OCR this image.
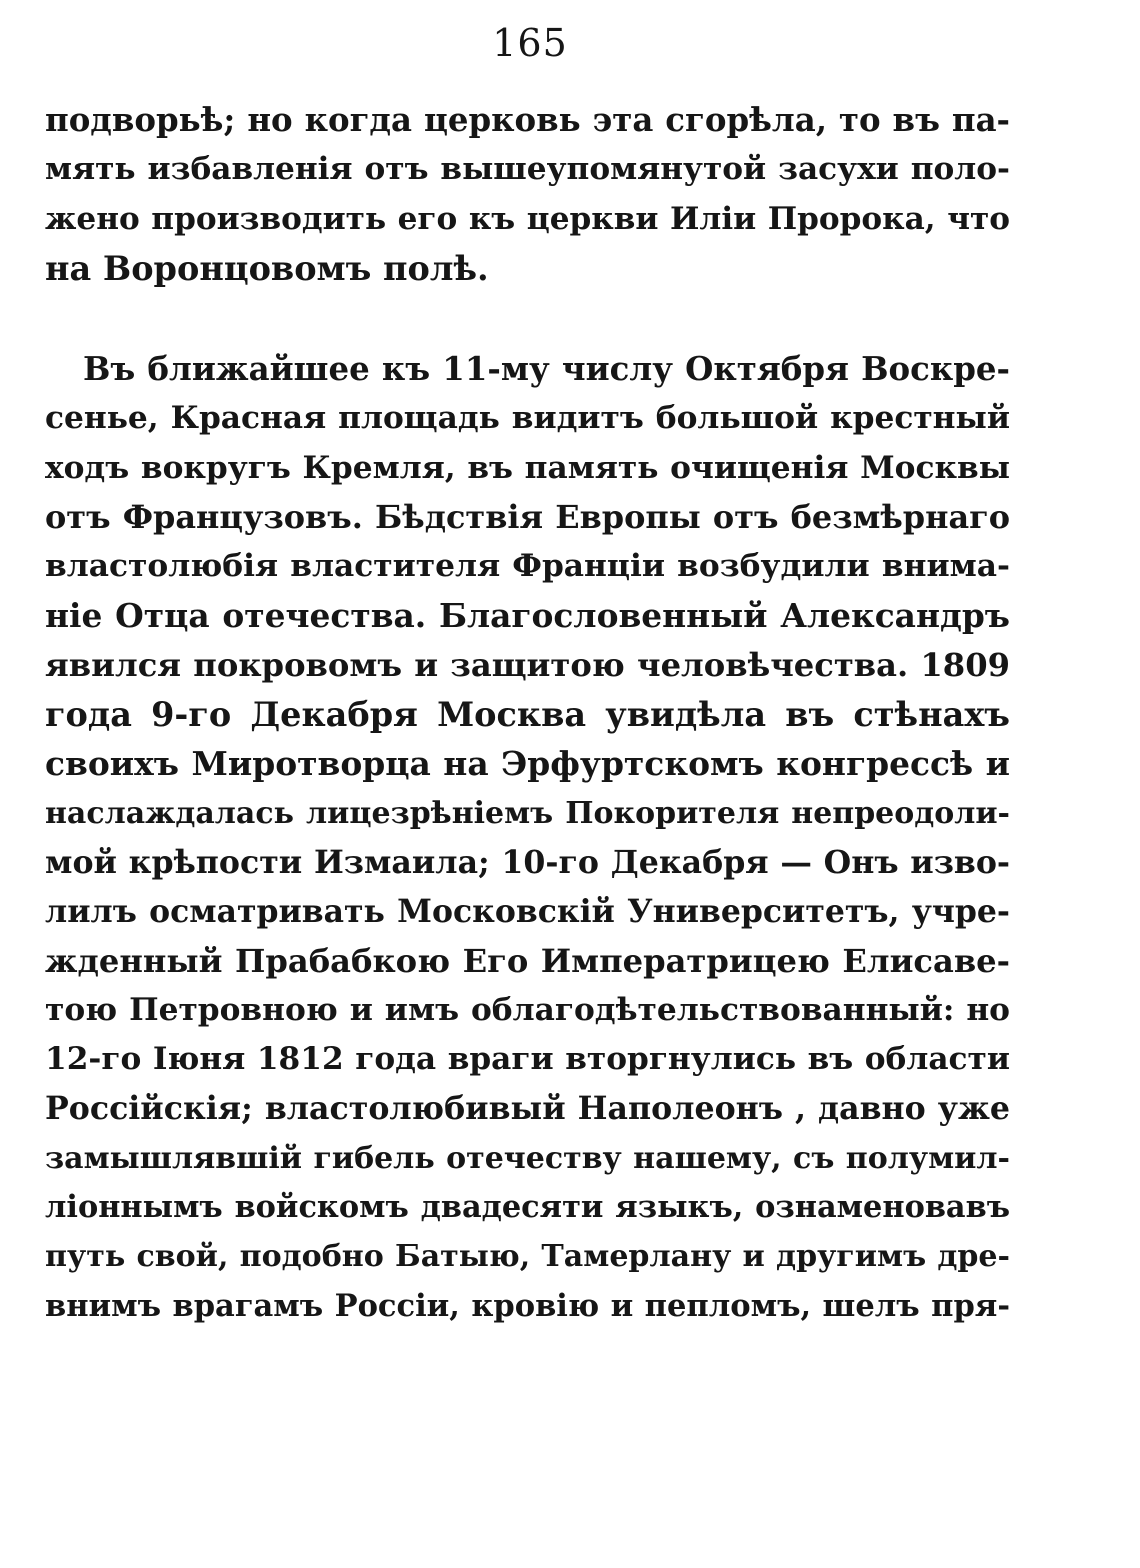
165
подворьѣ; но когда церковь эта сгорѣла, то въ па-
мять избавленія отъ вышеупомянутой засухи поло-
жено производить его къ церкви Иліи Пророка, что
на Воронцовомъ полѣ.
Въ ближайшее къ 11-му числу Октября Воскре-
сенье, Красная площадь видитъ большой крестный
ходъ вокругъ Кремля, въ память очищенія Москвы
отъ Французовъ. Бѣдствія Европы отъ безмѣрнаго
властолюбія властителя Франціи возбудили внима-
ніе Отца отечества. Благословенный Александръ
явился покровомъ и защитою человѣчества. 1809
года 9-го Декабря Москва увидѣла въ стѣнахъ
своихъ Миротворца на Эрфуртскомъ конгрессѣ и
наслаждалась лицезрѣніемъ Покорителя непреодоли-
мой крѣпости Измаила; 10-го Декабря — Онъ изво-
лилъ осматривать Московскій Университетъ, учре-
жденный Прабабкою Его Императрицею Елисаве-
тою Петровною и имъ облагодѣтельствованный: но
12-го Іюня 1812 года враги вторгнулись въ области
Россійскія; властолюбивый Наполеонъ , давно уже
замышлявшій гибель отечеству нашему, съ полумил-
ліоннымъ войскомъ двадесяти языкъ, ознаменовавъ
путь свой, подобно Батыю, Тамерлану и другимъ дре-
внимъ врагамъ Россіи, кровію и пепломъ, шелъ пря-
